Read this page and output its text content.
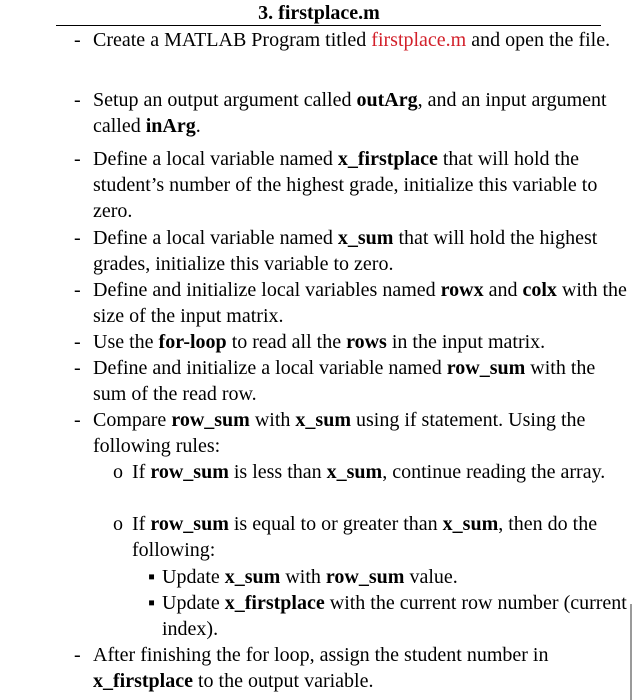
3. firstplace.m
- Create a MATLAB Program titled firstplace.m and open the file.
- Setup an output argument called outArg, and an input argument called inArg.
- Define a local variable named x_firstplace that will hold the student’s number of the highest grade, initialize this variable to zero.
- Define a local variable named x_sum that will hold the highest grades, initialize this variable to zero.
- Define and initialize local variables named rowx and colx with the size of the input matrix.
- Use the for-loop to read all the rows in the input matrix.
- Define and initialize a local variable named row_sum with the sum of the read row.
- Compare row_sum with x_sum using if statement. Using the following rules:
o If row_sum is less than x_sum, continue reading the array.
o If row_sum is equal to or greater than x_sum, then do the following:
▪ Update x_sum with row_sum value.
▪ Update x_firstplace with the current row number (current index).
- After finishing the for loop, assign the student number in x_firstplace to the output variable.
